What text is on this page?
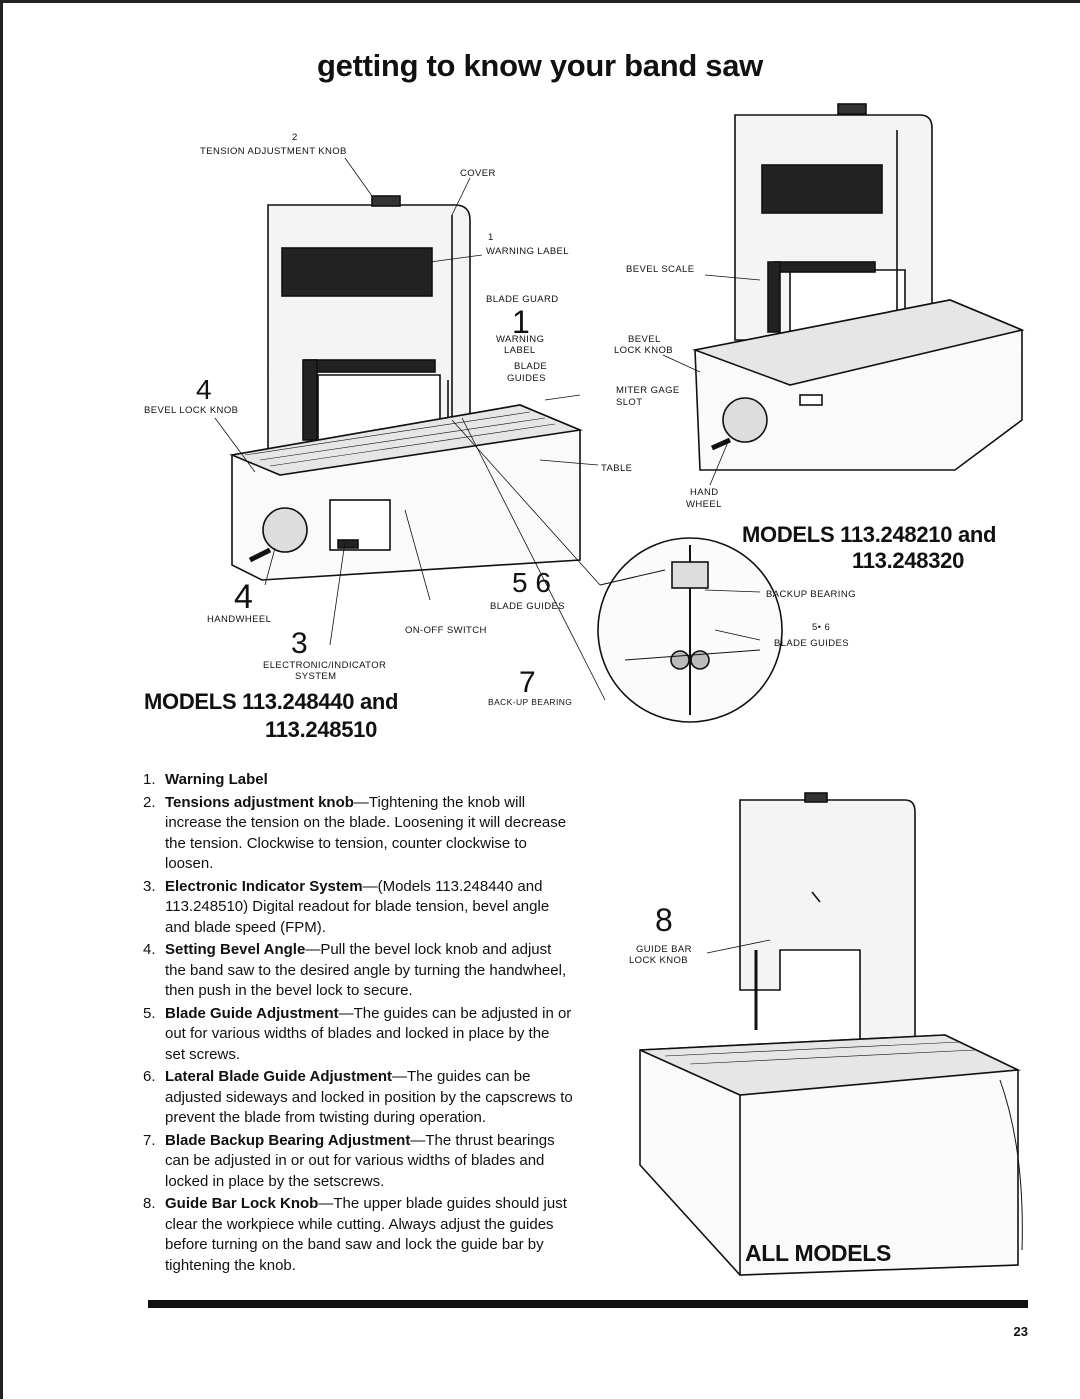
getting to know your band saw
2
TENSION ADJUSTMENT KNOB
COVER
1
WARNING LABEL
BLADE GUARD
1
WARNING
LABEL
BLADE
GUIDES
4
BEVEL LOCK KNOB
TABLE
5 6
4	BLADE GUIDES
HANDWHEEL
ON-OFF SWITCH
3
ELECTRONIC/INDICATOR
SYSTEM	7
BACK-UP BEARING
MODELS 113.248440 and
113.248510
BEVEL SCALE
BEVEL
LOCK KNOB
MITER GAGE
SLOT
HAND
WHEEL
MODELS 113.248210 and
113.248320
BACKUP BEARING
5• 6
BLADE GUIDES
8
GUIDE BAR
LOCK KNOB
ALL MODELS
1. Warning Label
2. Tensions adjustment knob—Tightening the knob will increase the tension on the blade. Loosening it will decrease the tension. Clockwise to tension, counter clockwise to loosen.
3. Electronic Indicator System—(Models 113.248440 and 113.248510) Digital readout for blade tension, bevel angle and blade speed (FPM).
4. Setting Bevel Angle—Pull the bevel lock knob and adjust the band saw to the desired angle by turning the handwheel, then push in the bevel lock to secure.
5. Blade Guide Adjustment—The guides can be adjusted in or out for various widths of blades and locked in place by the set screws.
6. Lateral Blade Guide Adjustment—The guides can be adjusted sideways and locked in position by the capscrews to prevent the blade from twisting during operation.
7. Blade Backup Bearing Adjustment—The thrust bearings can be adjusted in or out for various widths of blades and locked in place by the setscrews.
8. Guide Bar Lock Knob—The upper blade guides should just clear the workpiece while cutting. Always adjust the guides before turning on the band saw and lock the guide bar by tightening the knob.
23
